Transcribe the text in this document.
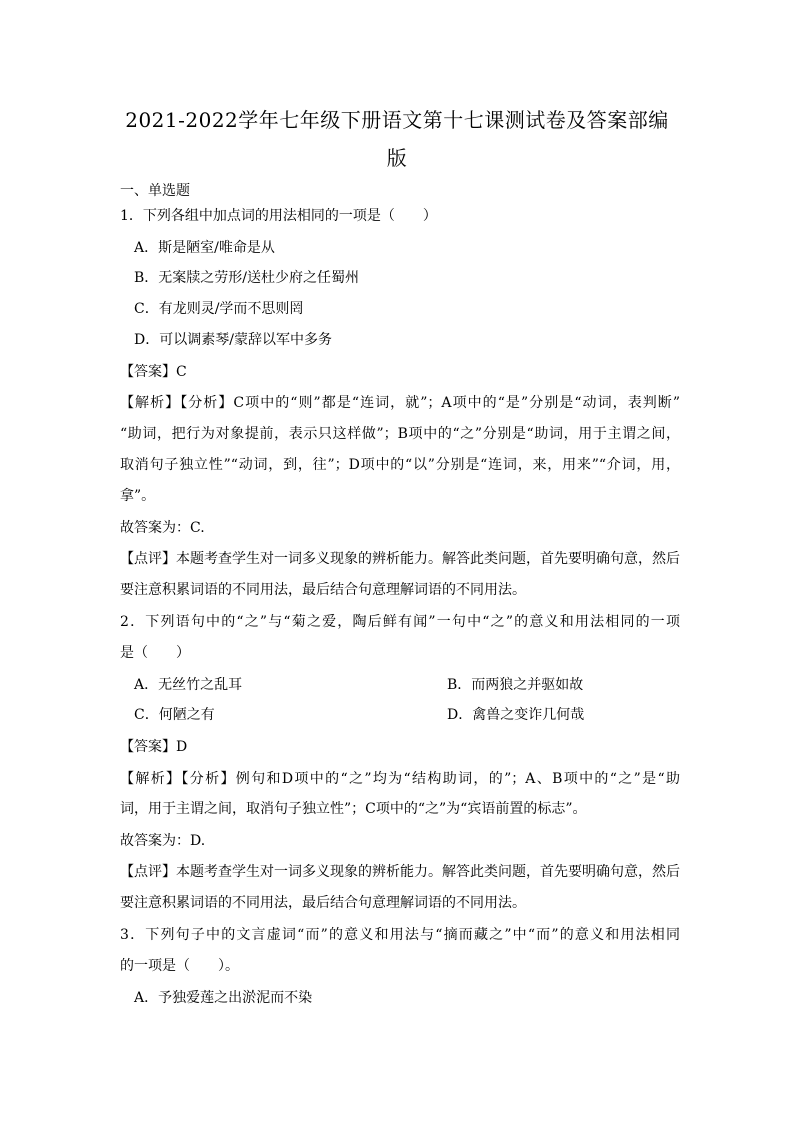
2021-2022学年七年级下册语文第十七课测试卷及答案部编
版
一、单选题
1．下列各组中加点词的用法相同的一项是（　　）
A．斯是陋室/唯命是从
B．无案牍之劳形/送杜少府之任蜀州
C．有龙则灵/学而不思则罔
D．可以调素琴/蒙辞以军中多务
【答案】C
【解析】【分析】C项中的“则”都是“连词，就”；A项中的“是”分别是“动词，表判断”
“助词，把行为对象提前，表示只这样做”；B项中的“之”分别是“助词，用于主谓之间，
取消句子独立性”“动词，到，往”；D项中的“以”分别是“连词，来，用来”“介词，用，
拿”。
故答案为：C.
【点评】本题考查学生对一词多义现象的辨析能力。解答此类问题，首先要明确句意，然后
要注意积累词语的不同用法，最后结合句意理解词语的不同用法。
2．下列语句中的“之”与“菊之爱，陶后鲜有闻”一句中“之”的意义和用法相同的一项
是（　　）
A．无丝竹之乱耳	B．而两狼之并驱如故
C．何陋之有	D．禽兽之变诈几何哉
【答案】D
【解析】【分析】例句和D项中的“之”均为“结构助词，的”；A、B项中的“之”是“助
词，用于主谓之间，取消句子独立性”；C项中的“之”为“宾语前置的标志”。
故答案为：D.
【点评】本题考查学生对一词多义现象的辨析能力。解答此类问题，首先要明确句意，然后
要注意积累词语的不同用法，最后结合句意理解词语的不同用法。
3．下列句子中的文言虚词“而”的意义和用法与“摘而藏之”中“而”的意义和用法相同
的一项是（　　）。
A．予独爱莲之出淤泥而不染
